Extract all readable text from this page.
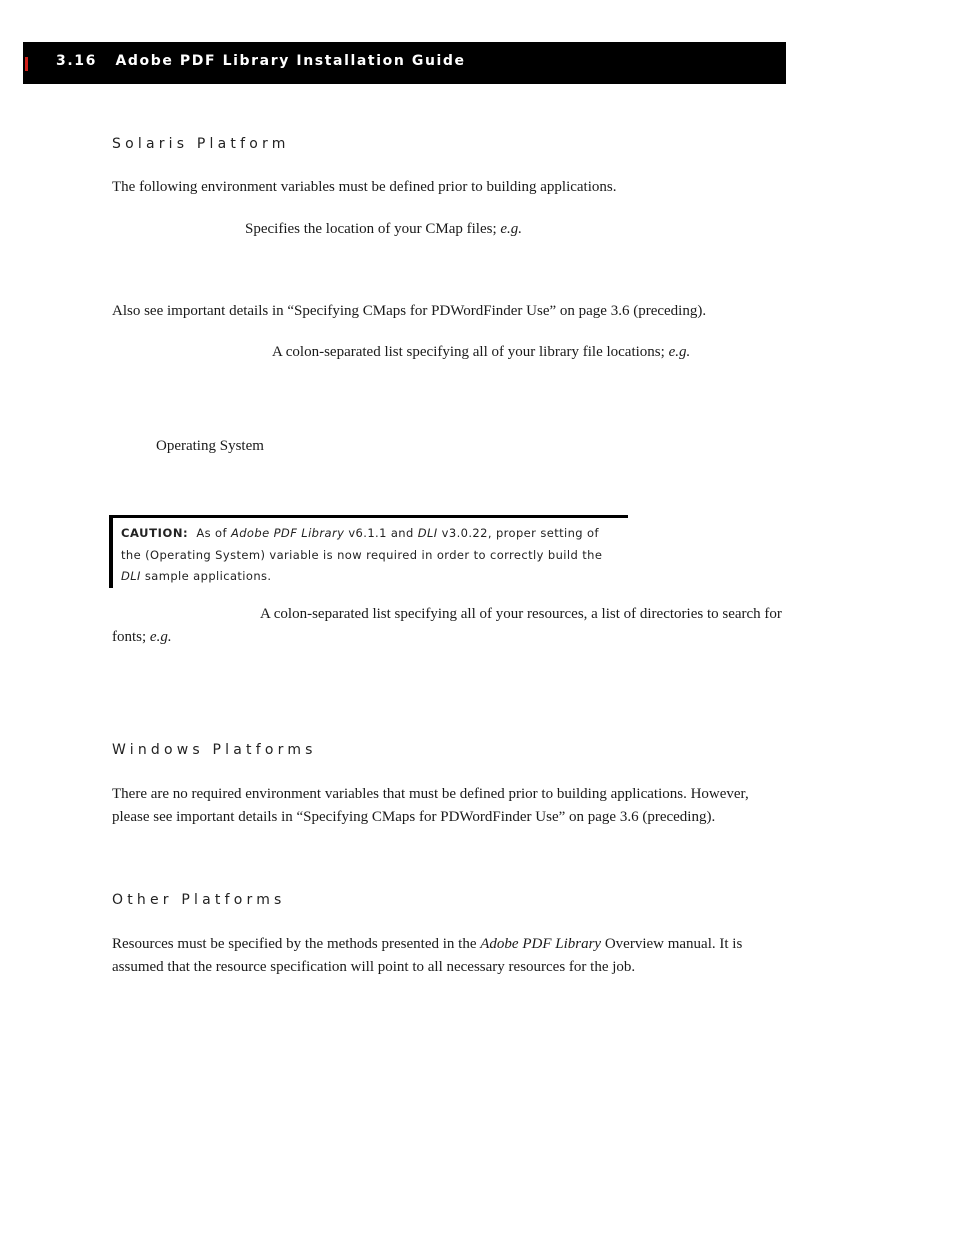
3.16 Adobe PDF Library Installation Guide
Solaris Platform
The following environment variables must be defined prior to building applications.
Specifies the location of your CMap files; e.g.
Also see important details in “Specifying CMaps for PDWordFinder Use” on page 3.6 (preceding).
A colon-separated list specifying all of your library file locations; e.g.
Operating System
CAUTION: As of Adobe PDF Library v6.1.1 and DLI v3.0.22, proper setting of the (Operating System) variable is now required in order to correctly build the DLI sample applications.
A colon-separated list specifying all of your resources, a list of directories to search for fonts; e.g.
Windows Platforms
There are no required environment variables that must be defined prior to building applications. However, please see important details in “Specifying CMaps for PDWordFinder Use” on page 3.6 (preceding).
Other Platforms
Resources must be specified by the methods presented in the Adobe PDF Library Overview manual. It is assumed that the resource specification will point to all necessary resources for the job.
